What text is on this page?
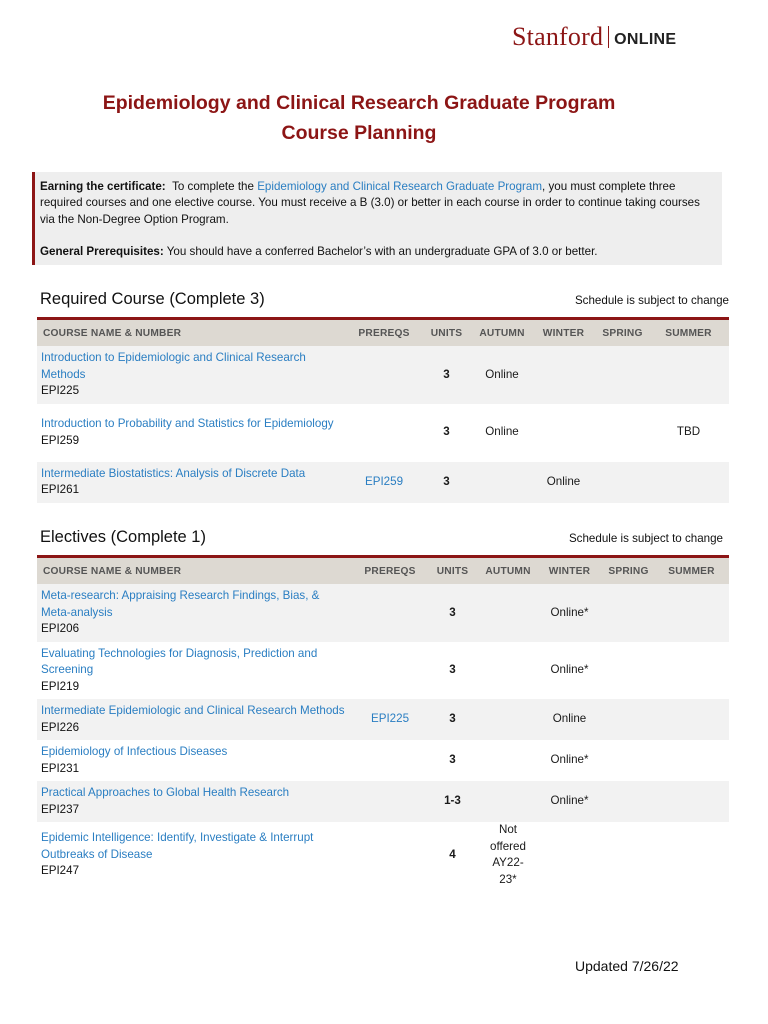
Stanford ONLINE
Epidemiology and Clinical Research Graduate Program
Course Planning

Earning the certificate: To complete the Epidemiology and Clinical Research Graduate Program, you must complete three required courses and one elective course. You must receive a B (3.0) or better in each course in order to continue taking courses via the Non-Degree Option Program.

General Prerequisites: You should have a conferred Bachelor’s with an undergraduate GPA of 3.0 or better.

Required Course (Complete 3)	Schedule is subject to change
COURSE NAME & NUMBER	PREREQS	UNITS	AUTUMN	WINTER	SPRING	SUMMER

Introduction to Epidemiologic and Clinical Research Methods
EPI225		3	Online			

Introduction to Probability and Statistics for Epidemiology
EPI259		3	Online			TBD

Intermediate Biostatistics: Analysis of Discrete Data
EPI261	EPI259	3		Online		
Electives (Complete 1)	Schedule is subject to change
COURSE NAME & NUMBER	PREREQS	UNITS	AUTUMN	WINTER	SPRING	SUMMER

Meta-research: Appraising Research Findings, Bias, & Meta-analysis
EPI206		3		Online*		

Evaluating Technologies for Diagnosis, Prediction and Screening
EPI219		3		Online*		

Intermediate Epidemiologic and Clinical Research Methods
EPI226	EPI225	3		Online		

Epidemiology of Infectious Diseases
EPI231		3		Online*		

Practical Approaches to Global Health Research
EPI237		1-3		Online*		

Epidemic Intelligence: Identify, Investigate & Interrupt Outbreaks of Disease
EPI247		4	Not offered AY22-23*			
Updated 7/26/22
